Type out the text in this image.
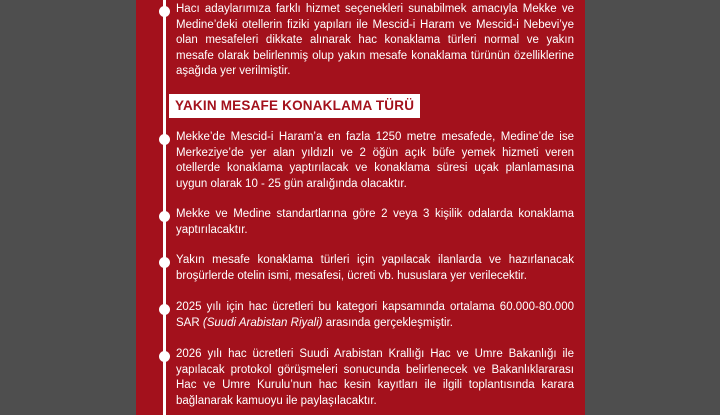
Hacı adaylarımıza farklı hizmet seçenekleri sunabilmek amacıyla Mekke ve Medine’deki otellerin fiziki yapıları ile Mescid-i Haram ve Mescid-i Nebevi’ye olan mesafeleri dikkate alınarak hac konaklama türleri normal ve yakın mesafe olarak belirlenmiş olup yakın mesafe konaklama türünün özelliklerine aşağıda yer verilmiştir.

YAKIN MESAFE KONAKLAMA TÜRÜ

Mekke’de Mescid-i Haram’a en fazla 1250 metre mesafede, Medine’de ise Merkeziye’de yer alan yıldızlı ve 2 öğün açık büfe yemek hizmeti veren otellerde konaklama yaptırılacak ve konaklama süresi uçak planlamasına uygun olarak 10 - 25 gün aralığında olacaktır.

Mekke ve Medine standartlarına göre 2 veya 3 kişilik odalarda konaklama yaptırılacaktır.

Yakın mesafe konaklama türleri için yapılacak ilanlarda ve hazırlanacak broşürlerde otelin ismi, mesafesi, ücreti vb. hususlara yer verilecektir.

2025 yılı için hac ücretleri bu kategori kapsamında ortalama 60.000-80.000 SAR (Suudi Arabistan Riyali) arasında gerçekleşmiştir.

2026 yılı hac ücretleri Suudi Arabistan Krallığı Hac ve Umre Bakanlığı ile yapılacak protokol görüşmeleri sonucunda belirlenecek ve Bakanlıklararası Hac ve Umre Kurulu’nun hac kesin kayıtları ile ilgili toplantısında karara bağlanarak kamuoyu ile paylaşılacaktır.
